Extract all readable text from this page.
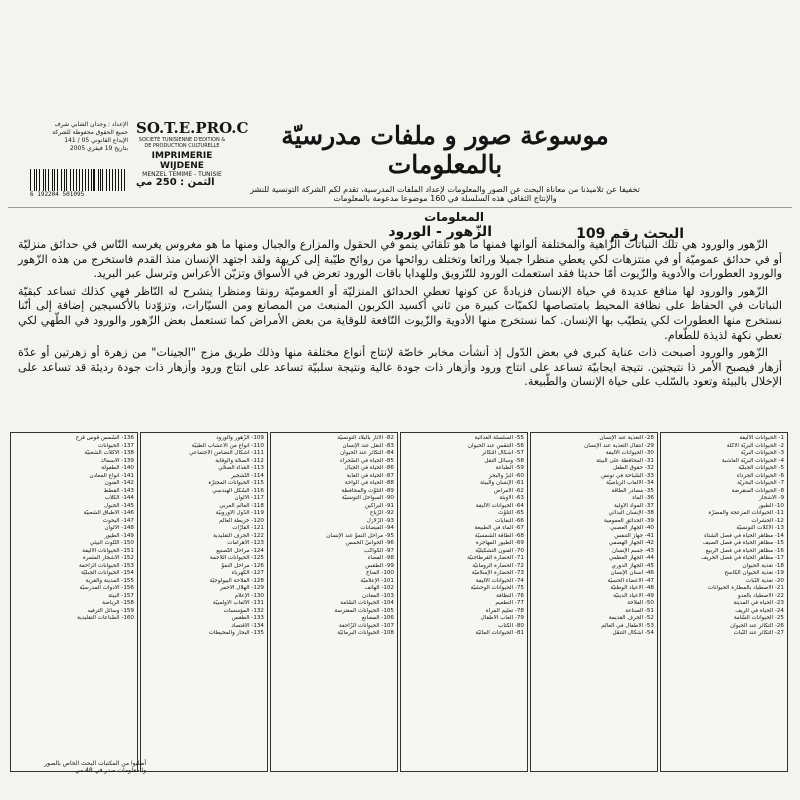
الإعداد : وجدان الشابي شرف
جميع الحقوق محفوظة للشركة
الإيداع القانوني 05 / 141
بتاريخ 19 فيفري 2005
6 192204 501095
الثمن : 250 مي
SO.T.E.PRO.C
SOCIETE TUNISIENNE D'EDITION & DE PRODUCTION CULTURELLE
IMPRIMERIE WIJDENE
MENZEL TEMIME - TUNISIE
موسوعة صور و ملفات مدرسيّة بالمعلومات
تخفيفا عن تلاميذنا من معاناة البحث عن الصور والمعلومات لإعداد الملفات المدرسية، تقدم لكم الشركة التونسية للنشر والإنتاج الثقافي هذه السلسلة في 160 موضوعا مدعومة بالمعلومات
المعلومات
البحث رقم 109
الزّهور - الورود

الزّهور والورود هي تلك النباتات الزّاهية والمختلفة ألوانها فمنها ما هو تلقائي ينمو في الحقول والمزارع والجبال ومنها ما هو مغروس يغرسه النّاس في حدائق منزليّة أو في حدائق عموميّة أو في منتزهات لكي يعطي منظرا جميلا ورائعا وتختلف روائحها من روائح طيّبة إلى كريهة ولقد اجتهد الإنسان منذ القدم فاستخرج من هذه الزّهور والورود العطورات والأدوية والزّيوت أمّا حديثا فقد استعملت الورود للتّزويق وللهدايا باقات الورود تعرض في الأسواق وتزيّن الأعراس وترسل عبر البريد.

الزّهور والورود لها منافع عديدة في حياة الإنسان فزيادةً عن كونها تعطي الحدائق المنزليّة أو العموميّة رونقا ومنظرا ينشرح له النّاظر فهي كذلك تساعد كبقيّة النباتات في الحفاظ على نظافة المحيط بامتصاصها لكميّات كبيرة من ثاني أكسيد الكربون المنبعث من المصانع ومن السيّارات، وتزوّدنا بالأكسيجين إضافة إلى أنّنا نستخرج منها العطورات لكي يتطيّب بها الإنسان. كما نستخرج منها الأدوية والزّيوت النّافعة للوقاية من بعض الأمراض كما تستعمل بعض الزّهور والورود في الطّهي لكي تعطي نكهة لذيذة للطّعام.

الزّهور والورود أصبحت ذات عناية كبرى في بعض الدّول إذ أنشأت مخابر خاصّة لإنتاج أنواع مختلفة منها وذلك طريق مزج "الجينات" من زهرة أو زهرتين أو عدّة أزهار فيصبح الأمر ذا نتيجتين. نتيجة ايجابيّة تساعد على انتاج ورود وأزهار ذات جودة عالية ونتيجة سلبيّة تساعد على انتاج ورود وأزهار ذات جودة رديئة قد تساعد على الإخلال بالبيئة وتعود بالسّلب على حياة الإنسان والطّبيعة.

1- الحيوانات الأليفة
2- الحيوانات البريّة الأكلة
3- الحيوانات البريّة
4- الحيوانات البريّة العاشبة
5- الحيوانات الجبليّة
6- الحيوانات الجرداء
7- الحيوانات البحريّة
8- الحيوانات المنقرضة
9- الأشجار
10- الطيور
11- الحيوانات المزعجة والمضرّة
12- الحشرات
13- الأكلات التونسيّة
14- مظاهر الحياة في فصل الشتاء
15- مظاهر الحياة في فصل الصيف
16- مظاهر الحياة في فصل الربيع
17- مظاهر الحياة في فصل الخريف
18- تغذية الحيوان
19- تغذية الحيوان الكاسح
20- تغذية النّبات
21- الاصطياد بالمطارة الحيوانات
22- الأصطياد بالعدو
23- الحياة في المدينة
24- الحياة في الريف
25- الحيوانات السّامة
26- التكاثر عند الحيوان
27- التكاثر عند النّبات
28- التغذية عند الإنسان
29- انتقال التغذية عند الإنسان
30- الحيوانات الأليفة
31- المحافظة على البيئة
32- حقوق الطفل
33- السّياحة في تونس
34- الألعاب الرياضيّة
35- مصادر الطاقة
36- الماء
37- المواد الأولية
38- الإنسان البدائي
39- الحدائق العمومية
40- الجهاز العصبي
41- جهاز التنفس
42- الجهاز الهضمي
43- جسم الإنسان
44- الجهاز العظمي
45- الجهاز الدوري
46- أسنان الإنسان
47- الأعضاء الحسيّة
48- الأعياد الوطنيّة
49- الأعياد الدينيّة
50- الفلاحة
51- الصناعة
52- الحرف القديمة
53- الأطفال في العالم
54- أشكال التنقّل
55- السلسلة الغذائية
56- التنفّس عند الحيوان
57- أشكال التكاثر
58- وسائل النقل
59- الطباعة
60- البرّ والبحر
61- الإنسان والبيئة
62- الأمراض
63- الأوبئة
64- الحيوانات الأليفة
65- التلوّث
66- النفايات
67- الماء في الطبيعة
68- الطاقة الشمسيّة
69- الطيور المهاجرة
70- الفنون التشكيليّة
71- الحضارة القرطاجنيّة
72- الحضارة الرومانيّة
73- الحضارة الإسلاميّة
74- الحيوانات الأليفة
75- الحيوانات الوحشيّة
76- النظافة
77- التطعيم
78- تعليم المرأة
79- ألعاب الأطفال
80- الكتاب
81- الحيوانات المائيّة
82- الآثار بالبلاد التونسيّة
83- النقل عند الإنسان
84- التكاثر عند الحيوان
85- الحياة في الصّحراء
86- الحياة في الجبال
87- الحياة في الغابة
88- الحياة في الواحة
89- التلوّث والمحافظة
90- السواحل التونسيّة
91- البراكين
92- الرّياح
93- الزّلازل
94- الفيضانات
95- مراحل النموّ عند الإنسان
96- الحواسّ الخمس
97- الكواكب
98- الفضاء
99- الطّقس
100- المناخ
101- الإعلاميّة
102- الهاتف
103- المعادن
104- الحيوانات السّامة
105- الحيوانات المفترسة
106- المصانع
107- الحيوانات الزّاحفة
108- الحيوانات البرمائيّة
109- الزّهور والورود
110- أنواع من الأعشاب الطبيّة
111- أشكال التضامن الاجتماعي
112- الصحّة والوقاية
113- الغذاء الصحّي
114- التّشجير
115- الحيوانات المجترّة
116- الشّكل الهندسي
117- الألوان
118- العالم العربي
119- الدّول الأوروبيّة
120- خريطة العالم
121- القارّات
122- الحرف التقليدية
123- الأهرامات
124- مراحل التّصنيع
125- الحيوانات اللاّحمة
126- مراحل النموّ
127- الكهرباء
128- الفلاحة البيولوجيّة
129- الهلال الأحمر
130- الإعلام
131- الألعاب الأولمبيّة
132- المؤسسات
133- الطّقس
134- الاقتصاد
135- البحار والمحيطات
136- الشّمس قوس قزح
137- الحيوانات
138- الأكلات الشعبيّة
139- الأسماك
140- الطفولة
141- أنواع المعادن
142- الفنون
143- القطط
144- الكلاب
145- الخيول
146- الأطباق الشعبيّة
147- البحوث
148- الألوان
149- الطيور
150- التّلوث البيئي
151- الحيوانات الأليفة
152- الأشجار المثمرة
153- الحيوانات الزاحفة
154- الحيوانات الجبليّة
155- المدينة والقرية
156- الأدوات المدرسيّة
157- البيئة
158- الرياضة
159- وسائل الترفيه
160- الصّناعات التقليدية
أطلبوا من المكتبات البحث الخاص بالصور والمعلومات صدر في 48 مي
